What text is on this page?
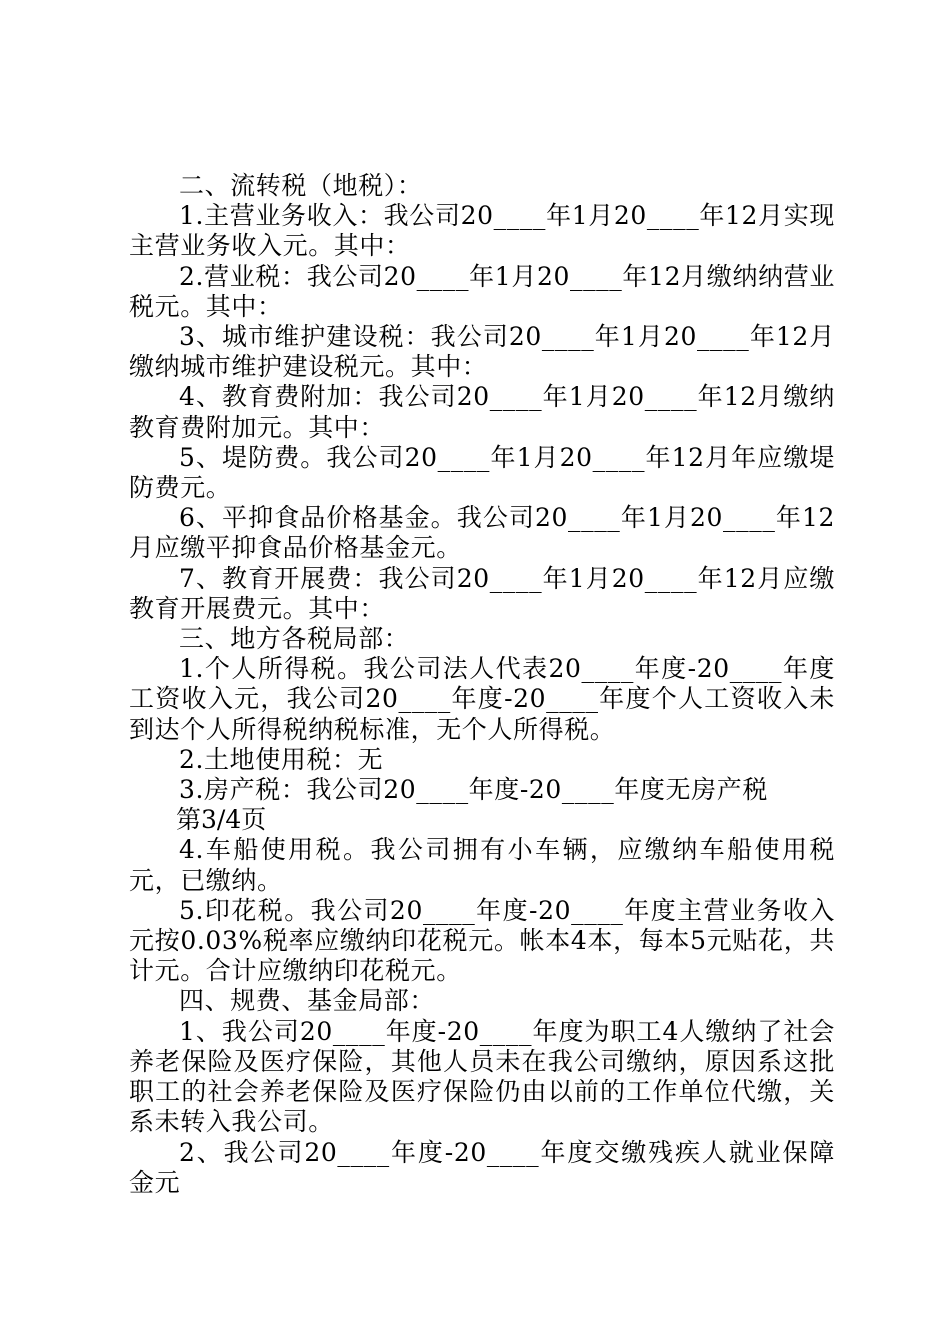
二、流转税（地税）：

1.主营业务收入：我公司20____年1月20____年12月实现主营业务收入元。其中：

2.营业税：我公司20____年1月20____年12月缴纳纳营业税元。其中：

3、城市维护建设税：我公司20____年1月20____年12月缴纳城市维护建设税元。其中：

4、教育费附加：我公司20____年1月20____年12月缴纳教育费附加元。其中：

5、堤防费。我公司20____年1月20____年12月年应缴堤防费元。

6、平抑食品价格基金。我公司20____年1月20____年12月应缴平抑食品价格基金元。

7、教育开展费：我公司20____年1月20____年12月应缴教育开展费元。其中：

三、地方各税局部：

1.个人所得税。我公司法人代表20____年度-20____年度工资收入元，我公司20____年度-20____年度个人工资收入未到达个人所得税纳税标准，无个人所得税。

2.土地使用税：无

3.房产税：我公司20____年度-20____年度无房产税

第3/4页

4.车船使用税。我公司拥有小车辆，应缴纳车船使用税元，已缴纳。

5.印花税。我公司20____年度-20____年度主营业务收入元按0.03%税率应缴纳印花税元。帐本4本，每本5元贴花，共计元。合计应缴纳印花税元。

四、规费、基金局部：

1、我公司20____年度-20____年度为职工4人缴纳了社会养老保险及医疗保险，其他人员未在我公司缴纳，原因系这批职工的社会养老保险及医疗保险仍由以前的工作单位代缴，关系未转入我公司。

2、我公司20____年度-20____年度交缴残疾人就业保障金元
